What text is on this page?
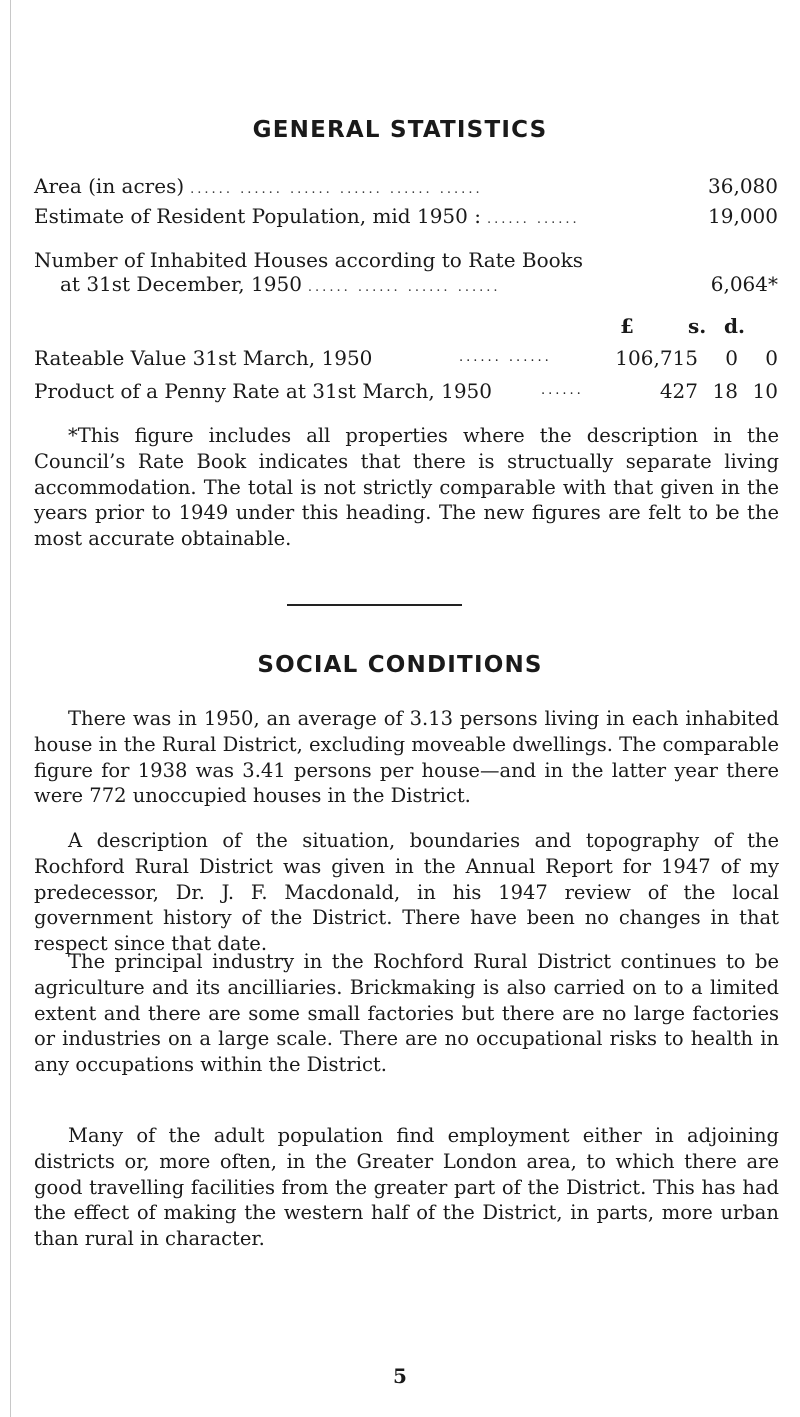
GENERAL STATISTICS
Area (in acres) ...... ...... ...... ...... ...... ......	36,080
Estimate of Resident Population, mid 1950 : ...... ......	19,000
Number of Inhabited Houses according to Rate Books
at 31st December, 1950 ...... ...... ...... ......	6,064*
£	s. d.
Rateable Value 31st March, 1950	...... ......	106,715	0	0
Product of a Penny Rate at 31st March, 1950	......	427 18 10
*This figure includes all properties where the description in the Council’s Rate Book indicates that there is structually separate living accommodation. The total is not strictly comparable with that given in the years prior to 1949 under this heading. The new figures are felt to be the most accurate obtainable.
SOCIAL CONDITIONS
There was in 1950, an average of 3.13 persons living in each inhabited house in the Rural District, excluding moveable dwellings. The comparable figure for 1938 was 3.41 persons per house—and in the latter year there were 772 unoccupied houses in the District.
A description of the situation, boundaries and topography of the Rochford Rural District was given in the Annual Report for 1947 of my predecessor, Dr. J. F. Macdonald, in his 1947 review of the local government history of the District. There have been no changes in that respect since that date.
The principal industry in the Rochford Rural District continues to be agriculture and its ancilliaries. Brickmaking is also carried on to a limited extent and there are some small factories but there are no large factories or industries on a large scale. There are no occupational risks to health in any occupations within the District.
Many of the adult population find employment either in adjoining districts or, more often, in the Greater London area, to which there are good travelling facilities from the greater part of the District. This has had the effect of making the western half of the District, in parts, more urban than rural in character.
5
